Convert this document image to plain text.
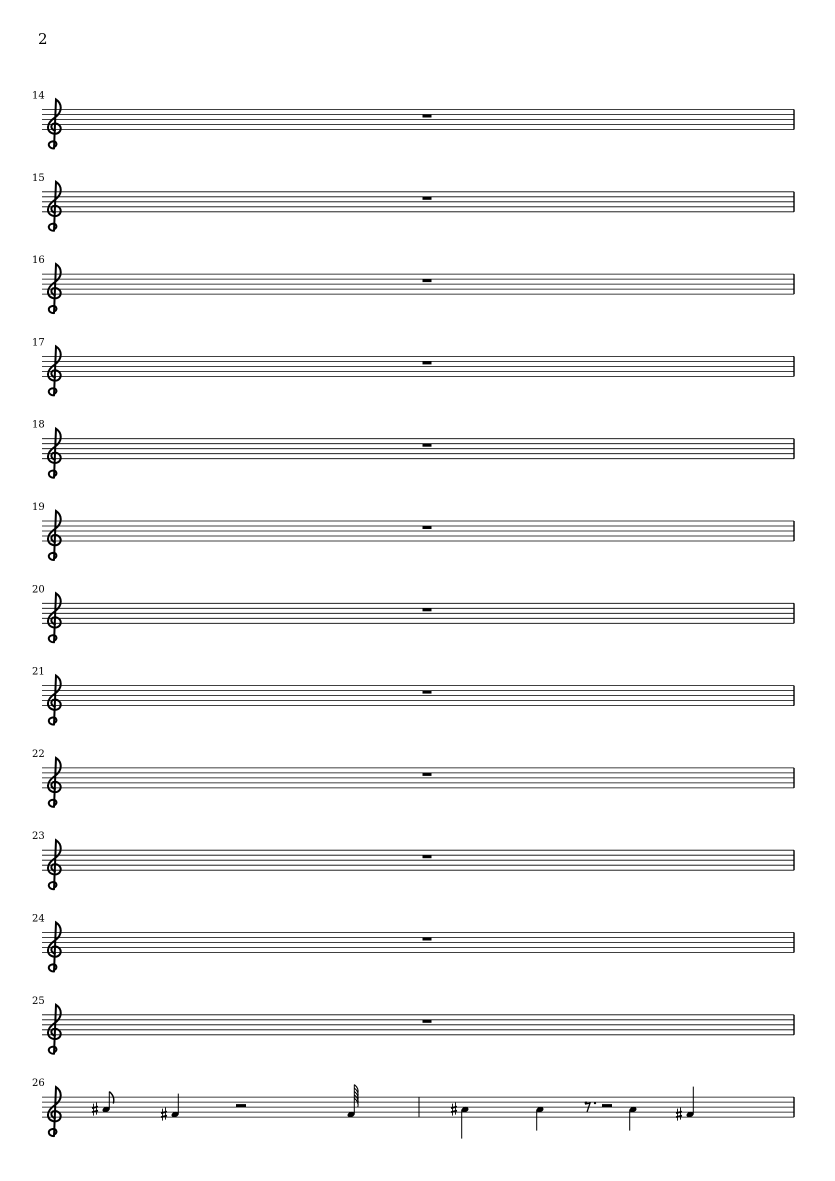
2
14
15
16
17
18
19
20
21
22
23
24
25
26
